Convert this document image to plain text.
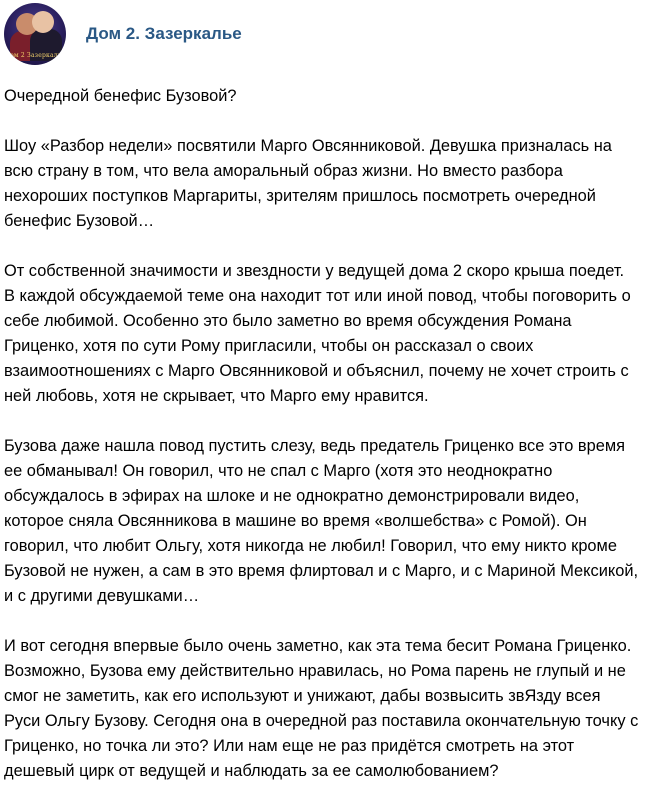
Дом 2 Зазеркалье
Дом 2. Зазеркалье

Очередной бенефис Бузовой?

Шоу «Разбор недели» посвятили Марго Овсянниковой. Девушка призналась на
всю страну в том, что вела аморальный образ жизни. Но вместо разбора
нехороших поступков Маргариты, зрителям пришлось посмотреть очередной
бенефис Бузовой…

От собственной значимости и звездности у ведущей дома 2 скоро крыша поедет.
В каждой обсуждаемой теме она находит тот или иной повод, чтобы поговорить о
себе любимой. Особенно это было заметно во время обсуждения Романа
Гриценко, хотя по сути Рому пригласили, чтобы он рассказал о своих
взаимоотношениях с Марго Овсянниковой и объяснил, почему не хочет строить с
ней любовь, хотя не скрывает, что Марго ему нравится.

Бузова даже нашла повод пустить слезу, ведь предатель Гриценко все это время
ее обманывал! Он говорил, что не спал с Марго (хотя это неоднократно
обсуждалось в эфирах на шлоке и не однократно демонстрировали видео,
которое сняла Овсянникова в машине во время «волшебства» с Ромой). Он
говорил, что любит Ольгу, хотя никогда не любил! Говорил, что ему никто кроме
Бузовой не нужен, а сам в это время флиртовал и с Марго, и с Мариной Мексикой,
и с другими девушками…

И вот сегодня впервые было очень заметно, как эта тема бесит Романа Гриценко.
Возможно, Бузова ему действительно нравилась, но Рома парень не глупый и не
смог не заметить, как его используют и унижают, дабы возвысить звЯзду всея
Руси Ольгу Бузову. Сегодня она в очередной раз поставила окончательную точку с
Гриценко, но точка ли это? Или нам еще не раз придётся смотреть на этот
дешевый цирк от ведущей и наблюдать за ее самолюбованием?
